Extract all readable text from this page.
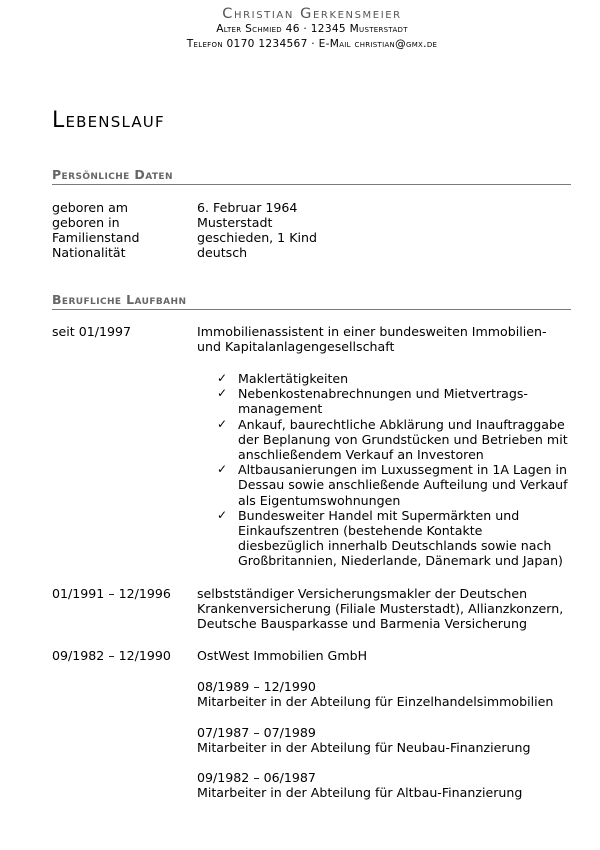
Christian Gerkensmeier
Alter Schmied 46 · 12345 Musterstadt
Telefon 0170 1234567 · E-Mail christian@gmx.de
Lebenslauf
Persönliche Daten
geboren am	6. Februar 1964
geboren in	Musterstadt
Familienstand	geschieden, 1 Kind
Nationalität	deutsch
Berufliche Laufbahn
seit 01/1997	Immobilienassistent in einer bundesweiten Immobilien-
und Kapitalanlagengesellschaft
✓ Maklertätigkeiten
✓ Nebenkostenabrechnungen und Mietvertrags-
management
✓ Ankauf, baurechtliche Abklärung und Inauftraggabe
der Beplanung von Grundstücken und Betrieben mit
anschließendem Verkauf an Investoren
✓ Altbausanierungen im Luxussegment in 1A Lagen in
Dessau sowie anschließende Aufteilung und Verkauf
als Eigentumswohnungen
✓ Bundesweiter Handel mit Supermärkten und
Einkaufszentren (bestehende Kontakte
diesbezüglich innerhalb Deutschlands sowie nach
Großbritannien, Niederlande, Dänemark und Japan)
01/1991 – 12/1996 selbstständiger Versicherungsmakler der Deutschen
Krankenversicherung (Filiale Musterstadt), Allianzkonzern,
Deutsche Bausparkasse und Barmenia Versicherung
09/1982 – 12/1990 OstWest Immobilien GmbH
08/1989 – 12/1990
Mitarbeiter in der Abteilung für Einzelhandelsimmobilien
07/1987 – 07/1989
Mitarbeiter in der Abteilung für Neubau-Finanzierung
09/1982 – 06/1987
Mitarbeiter in der Abteilung für Altbau-Finanzierung
